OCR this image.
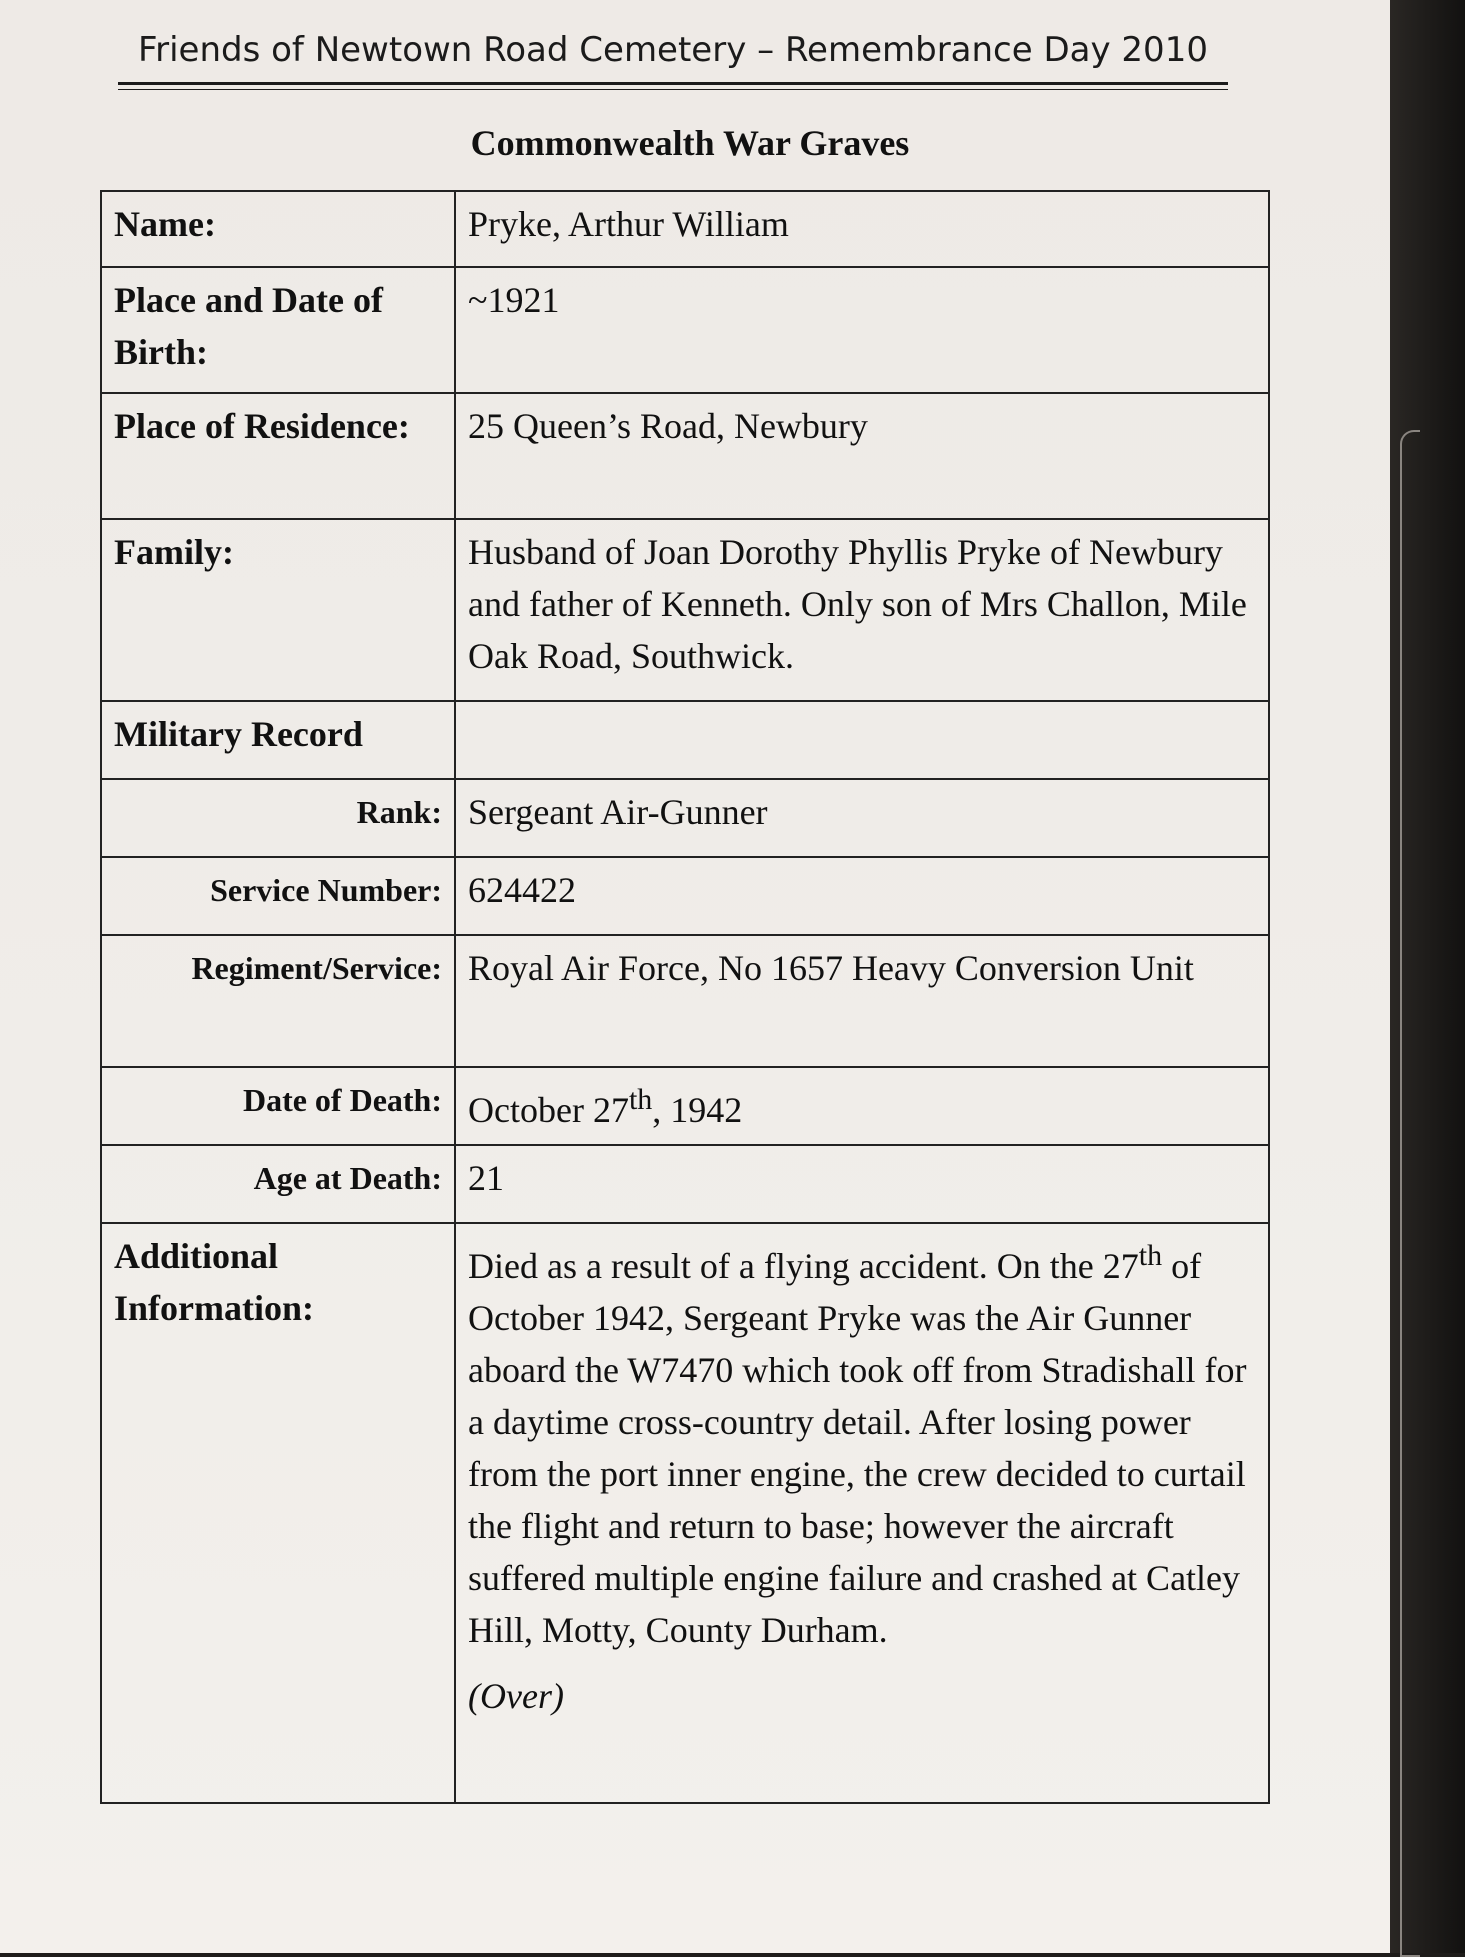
Friends of Newtown Road Cemetery – Remembrance Day 2010
Commonwealth War Graves
Name:	Pryke, Arthur William
Place and Date of Birth:	~1921
Place of Residence:	25 Queen’s Road, Newbury
Family:	Husband of Joan Dorothy Phyllis Pryke of Newbury and father of Kenneth. Only son of Mrs Challon, Mile Oak Road, Southwick.
Military Record	
Rank:	Sergeant Air-Gunner
Service Number:	624422
Regiment/Service:	Royal Air Force, No 1657 Heavy Conversion Unit
Date of Death:	October 27th, 1942
Age at Death:	21
Additional Information:	Died as a result of a flying accident. On the 27th of October 1942, Sergeant Pryke was the Air Gunner aboard the W7470 which took off from Stradishall for a daytime cross-country detail. After losing power from the port inner engine, the crew decided to curtail the flight and return to base; however the aircraft suffered multiple engine failure and crashed at Catley Hill, Motty, County Durham.
(Over)
